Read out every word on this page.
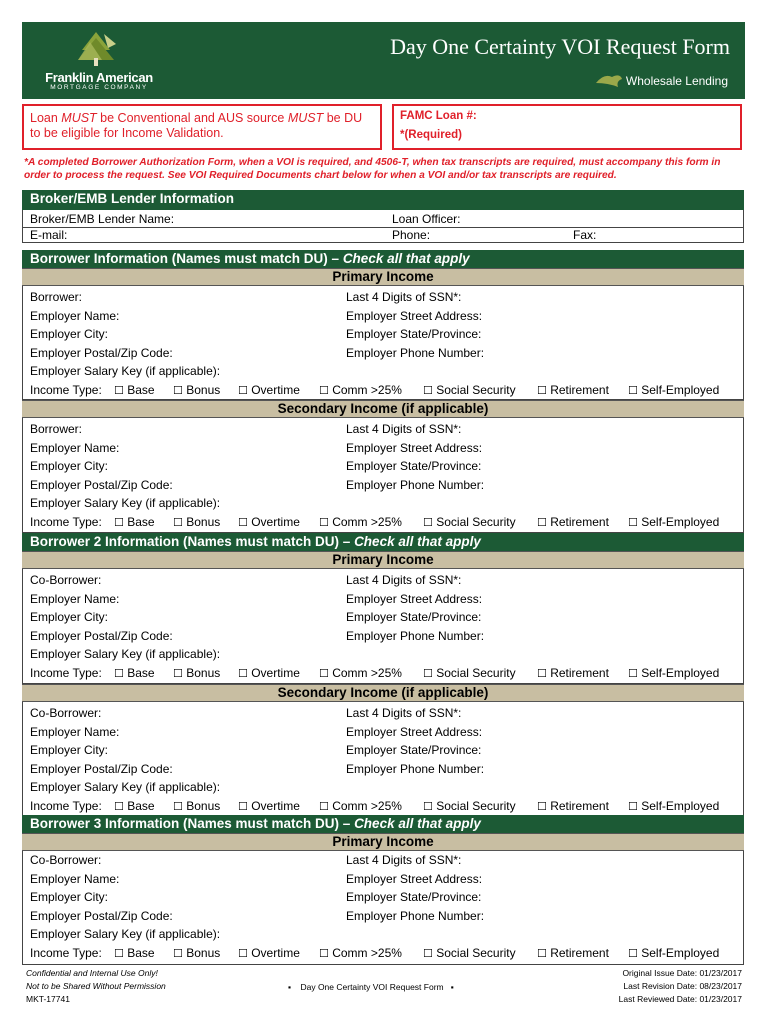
Franklin American
MORTGAGE COMPANY
Day One Certainty VOI Request Form
Wholesale Lending
Loan MUST be Conventional and AUS source MUST be DU to be eligible for Income Validation.
FAMC Loan #:
*(Required)
*A completed Borrower Authorization Form, when a VOI is required, and 4506-T, when tax transcripts are required, must accompany this form in order to process the request. See VOI Required Documents chart below for when a VOI and/or tax transcripts are required.
Broker/EMB Lender Information
Broker/EMB Lender Name:	Loan Officer:
E-mail:	Phone:	Fax:
Borrower Information (Names must match DU) – Check all that apply
Primary Income
Borrower:	Last 4 Digits of SSN*:
Employer Name:	Employer Street Address:
Employer City:	Employer State/Province:
Employer Postal/Zip Code:	Employer Phone Number:
Employer Salary Key (if applicable):
Income Type: ☐ Base ☐ Bonus ☐ Overtime ☐ Comm >25% ☐ Social Security ☐ Retirement ☐ Self-Employed
Secondary Income (if applicable)
Borrower:	Last 4 Digits of SSN*:
Employer Name:	Employer Street Address:
Employer City:	Employer State/Province:
Employer Postal/Zip Code:	Employer Phone Number:
Employer Salary Key (if applicable):
Income Type: ☐ Base ☐ Bonus ☐ Overtime ☐ Comm >25% ☐ Social Security ☐ Retirement ☐ Self-Employed
Borrower 2 Information (Names must match DU) – Check all that apply
Primary Income
Co-Borrower:	Last 4 Digits of SSN*:
Employer Name:	Employer Street Address:
Employer City:	Employer State/Province:
Employer Postal/Zip Code:	Employer Phone Number:
Employer Salary Key (if applicable):
Income Type: ☐ Base ☐ Bonus ☐ Overtime ☐ Comm >25% ☐ Social Security ☐ Retirement ☐ Self-Employed
Secondary Income (if applicable)
Co-Borrower:	Last 4 Digits of SSN*:
Employer Name:	Employer Street Address:
Employer City:	Employer State/Province:
Employer Postal/Zip Code:	Employer Phone Number:
Employer Salary Key (if applicable):
Income Type: ☐ Base ☐ Bonus ☐ Overtime ☐ Comm >25% ☐ Social Security ☐ Retirement ☐ Self-Employed
Borrower 3 Information (Names must match DU) – Check all that apply
Primary Income
Co-Borrower:	Last 4 Digits of SSN*:
Employer Name:	Employer Street Address:
Employer City:	Employer State/Province:
Employer Postal/Zip Code:	Employer Phone Number:
Employer Salary Key (if applicable):
Income Type: ☐ Base ☐ Bonus ☐ Overtime ☐ Comm >25% ☐ Social Security ☐ Retirement ☐ Self-Employed
Confidential and Internal Use Only!
Not to be Shared Without Permission
MKT-17741
▪ Day One Certainty VOI Request Form ▪
Original Issue Date: 01/23/2017
Last Revision Date: 08/23/2017
Last Reviewed Date: 01/23/2017
